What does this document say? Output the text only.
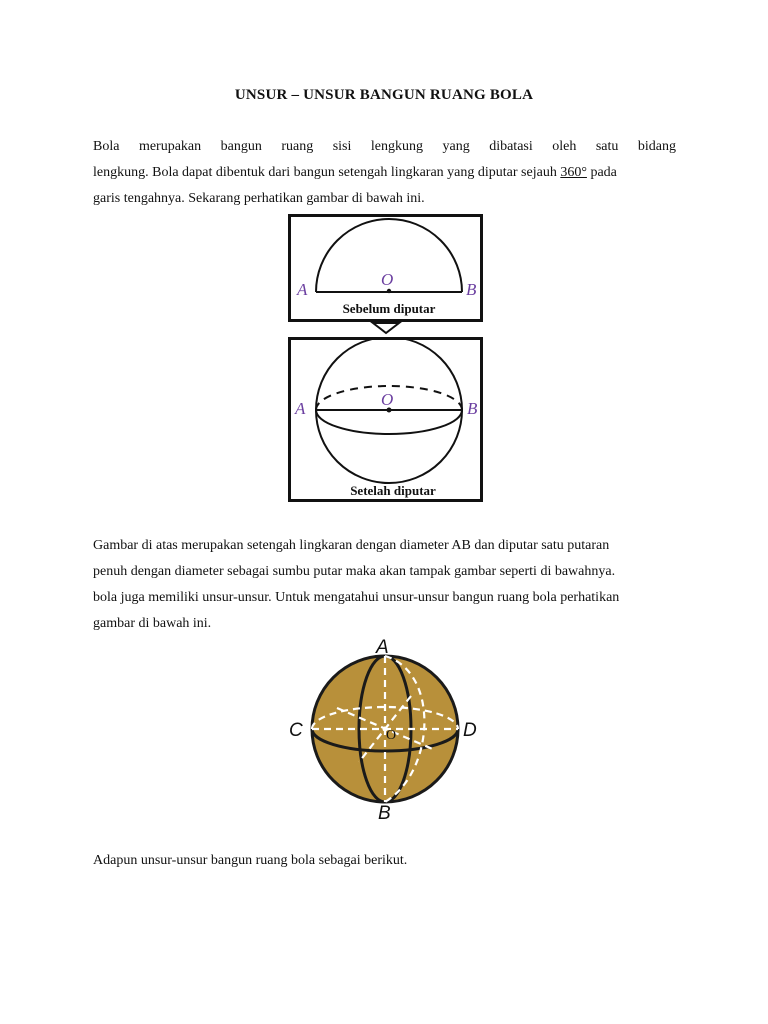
UNSUR – UNSUR BANGUN RUANG BOLA
Bola merupakan bangun ruang sisi lengkung yang dibatasi oleh satu bidang
lengkung. Bola dapat dibentuk dari bangun setengah lingkaran yang diputar sejauh 360° pada
garis tengahnya. Sekarang perhatikan gambar di bawah ini.
A
O
B
Sebelum diputar
A	O	B
Setelah diputar
Gambar di atas merupakan setengah lingkaran dengan diameter AB dan diputar satu putaran
penuh dengan diameter sebagai sumbu putar maka akan tampak gambar seperti di bawahnya.
bola juga memiliki unsur-unsur. Untuk mengatahui unsur-unsur bangun ruang bola perhatikan
gambar di bawah ini.
A
B
C	D
O
Adapun unsur-unsur bangun ruang bola sebagai berikut.
